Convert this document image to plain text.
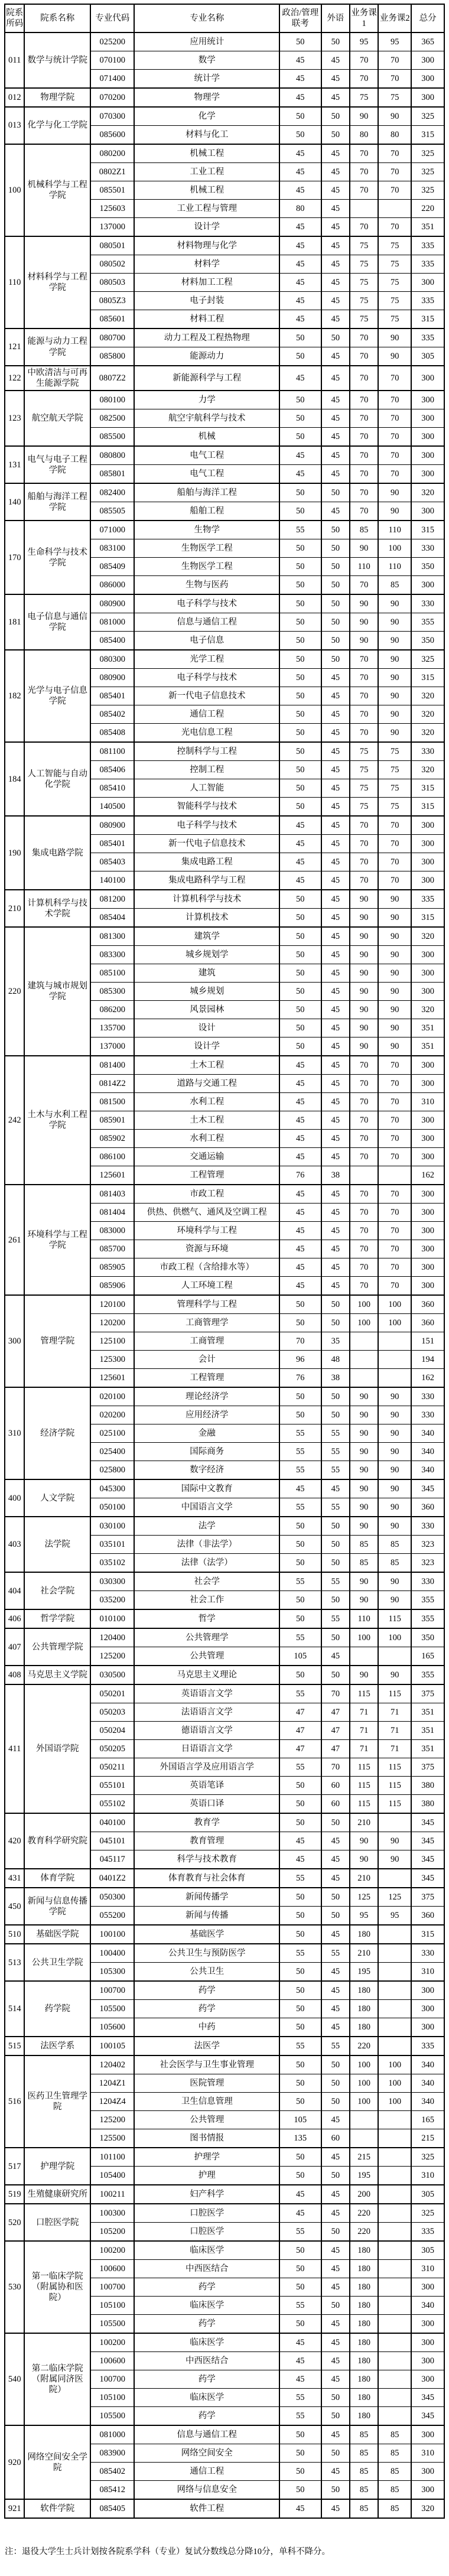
院系所码	院系名称	专业代码	专业名称	政治/管理联考	外语	业务课1	业务课2	总分
011	数学与统计学院	025200	应用统计	50	50	95	95	365
		070100	数学	45	45	70	70	300
		071400	统计学	45	45	70	70	300
012	物理学院	070200	物理学	45	45	75	75	300
013	化学与化工学院	070300	化学	50	50	90	90	325
		085600	材料与化工	50	50	80	80	315
100	机械科学与工程学院	080200	机械工程	45	45	70	70	325
		0802Z1	工业工程	45	45	70	70	325
		085501	机械工程	45	45	70	70	325
		125603	工业工程与管理	80	45			220
		137000	设计学	45	45	70	70	351
110	材料科学与工程学院	080501	材料物理与化学	45	45	75	75	335
		080502	材料学	45	45	75	75	335
		080503	材料加工工程	45	45	75	75	300
		0805Z3	电子封装	45	45	75	75	335
		085601	材料工程	45	45	75	75	315
121	能源与动力工程学院	080700	动力工程及工程热物理	50	50	70	90	335
		085800	能源动力	50	45	70	90	305
122	中欧清洁与可再生能源学院	0807Z2	新能源科学与工程	45	45	70	70	300
123	航空航天学院	080100	力学	50	45	70	70	300
		082500	航空宇航科学与技术	50	45	70	70	300
		085500	机械	50	45	70	70	300
131	电气与电子工程学院	080800	电气工程	45	45	70	70	300
		085801	电气工程	45	45	70	70	300
140	船舶与海洋工程学院	082400	船舶与海洋工程	50	50	70	90	320
		085505	船舶工程	50	45	70	90	300
170	生命科学与技术学院	071000	生物学	55	50	85	110	315
		083100	生物医学工程	50	50	90	100	330
		085409	生物医学工程	50	50	110	110	350
		086000	生物与医药	50	50	70	85	300
181	电子信息与通信学院	080900	电子科学与技术	50	50	90	90	330
		081000	信息与通信工程	50	50	90	90	355
		085400	电子信息	50	50	90	90	350
182	光学与电子信息学院	080300	光学工程	50	50	70	90	325
		080900	电子科学与技术	50	45	70	90	315
		085401	新一代电子信息技术	50	45	70	90	320
		085402	通信工程	50	45	70	90	320
		085408	光电信息工程	50	45	70	90	320
184	人工智能与自动化学院	081100	控制科学与工程	50	45	75	75	330
		085406	控制工程	50	45	75	75	320
		085410	人工智能	50	45	75	75	315
		140500	智能科学与技术	50	45	75	75	315
190	集成电路学院	080900	电子科学与技术	45	45	70	70	300
		085401	新一代电子信息技术	45	45	70	70	300
		085403	集成电路工程	45	45	70	70	300
		140100	集成电路科学与工程	45	45	70	70	300
210	计算机科学与技术学院	081200	计算机科学与技术	50	45	90	90	335
		085404	计算机技术	50	45	90	90	315
220	建筑与城市规划学院	081300	建筑学	50	45	90	90	320
		083300	城乡规划学	50	45	90	90	300
		085100	建筑	50	45	90	90	300
		085300	城乡规划	50	45	90	90	300
		086200	风景园林	50	45	90	90	320
		135700	设计	50	45	90	90	351
		137000	设计学	50	45	90	90	351
242	土木与水利工程学院	081400	土木工程	45	45	70	70	300
		0814Z2	道路与交通工程	45	45	70	70	300
		081500	水利工程	45	45	70	70	310
		085901	土木工程	45	45	70	70	300
		085902	水利工程	45	45	70	70	300
		086100	交通运输	45	45	70	70	300
		125601	工程管理	76	38			162
261	环境科学与工程学院	081403	市政工程	45	45	70	70	300
		081404	供热、供燃气、通风及空调工程	45	45	70	70	300
		083000	环境科学与工程	45	45	70	70	300
		085700	资源与环境	45	45	70	70	300
		085905	市政工程（含给排水等）	45	45	70	70	300
		085906	人工环境工程	45	45	70	70	300
300	管理学院	120100	管理科学与工程	50	50	100	100	360
		120200	工商管理学	50	50	100	100	360
		125100	工商管理	70	35			151
		125300	会计	96	48			194
		125601	工程管理	76	38			162
310	经济学院	020100	理论经济学	50	50	90	90	330
		020200	应用经济学	50	50	90	90	330
		025100	金融	55	55	90	90	340
		025400	国际商务	55	55	90	90	340
		025800	数字经济	55	55	90	90	340
400	人文学院	045300	国际中文教育	45	45	90	90	345
		050100	中国语言文学	55	55	90	90	360
403	法学院	030100	法学	50	50	90	90	330
		035101	法律（非法学）	50	50	85	85	323
		035102	法律（法学）	50	50	85	85	323
404	社会学院	030300	社会学	55	55	90	90	330
		035200	社会工作	50	50	90	90	355
406	哲学学院	010100	哲学	50	55	110	115	355
407	公共管理学院	120400	公共管理学	55	50	100	100	350
		125200	公共管理	105	45			165
408	马克思主义学院	030500	马克思主义理论	50	50	90	90	355
411	外国语学院	050201	英语语言文学	55	70	115	115	375
		050203	法语语言文学	47	47	71	71	351
		050204	德语语言文学	47	47	71	71	351
		050205	日语语言文学	47	47	71	71	351
		050211	外国语言学及应用语言学	55	70	115	115	375
		055101	英语笔译	50	60	115	115	380
		055102	英语口译	50	60	115	115	380
420	教育科学研究院	040100	教育学	50	50	210		345
		045101	教育管理	45	45	90	90	345
		045117	科学与技术教育	45	45	90	90	345
431	体育学院	0401Z2	体育教育与社会体育	55	45	210		345
450	新闻与信息传播学院	050300	新闻传播学	50	50	125	125	375
		055200	新闻与传播	50	50	95	95	360
510	基础医学院	100100	基础医学	50	45	180		315
513	公共卫生学院	100400	公共卫生与预防医学	55	55	210		330
		105300	公共卫生	50	45	195		310
514	药学院	100700	药学	50	45	180		300
		105500	药学	50	45	180		300
		105600	中药	50	45	180		300
515	法医学系	100105	法医学	55	55	220		335
516	医药卫生管理学院	120402	社会医学与卫生事业管理	50	50	100	100	340
		1204Z1	医院管理	50	50	100	100	340
		1204Z4	卫生信息管理	50	50	100	100	340
		125200	公共管理	105	45			165
		125500	图书情报	135	60			215
517	护理学院	101100	护理学	50	45	215		325
		105400	护理	50	50	195		310
519	生殖健康研究所	100211	妇产科学	45	45	200		305
520	口腔医学院	100300	口腔医学	45	45	220		325
		105200	口腔医学	55	50	220		335
530	第一临床学院（附属协和医院）	100200	临床医学	50	45	180		305
		100600	中西医结合	50	45	180		310
		100700	药学	50	45	180		300
		105100	临床医学	55	50	180		340
		105500	药学	50	45	180		300
540	第二临床学院（附属同济医院）	100200	临床医学	45	45	180		300
		100600	中西医结合	45	45	180		300
		100700	药学	45	45	180		300
		105100	临床医学	55	50	180		345
		105500	药学	55	50	180		345
920	网络空间安全学院	081000	信息与通信工程	50	45	85	85	300
		083900	网络空间安全	50	50	85	85	310
		085402	通信工程	50	45	85	85	300
		085412	网络与信息安全	50	50	85	85	300
921	软件学院	085405	软件工程	45	45	85	85	320

注：退役大学生士兵计划按各院系学科（专业）复试分数线总分降10分，单科不降分。
